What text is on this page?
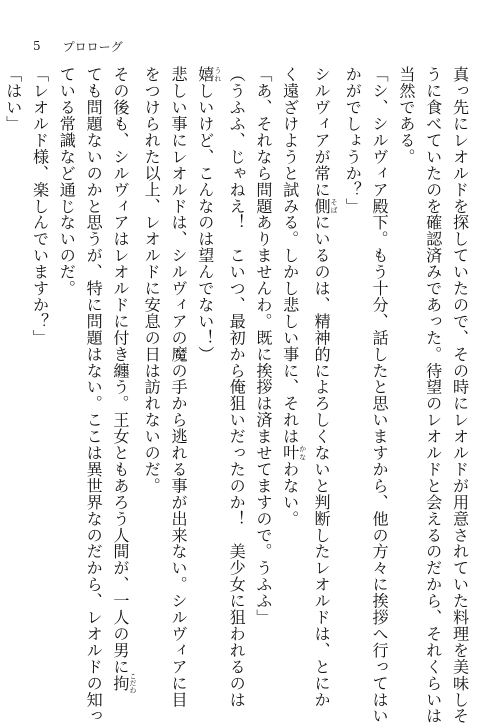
5 プロローグ
真っ先にレオルドを探していたので、その時にレオルドが用意されていた料理を美味しそ
うに食べていたのを確認済みであった。待望のレオルドと会えるのだから、それくらいは
当然である。
「シ、シルヴィア殿下。もう十分、話したと思いますから、他の方々に挨拶へ行ってはい
かがでしょうか？」
シルヴィアが常に側 そばにいるのは、精神的によろしくないと判断したレオルドは、とにか
く遠ざけようと試みる。しかし悲しい事に、それは叶 かなわない。
「あ、それなら問題ありませんわ。既に挨拶は済ませてますので。うふふ」
（うふふ、じゃねえ！　こいつ、最初から俺狙いだったのか！　美少女に狙われるのは
嬉 うれしいけど、こんなのは望んでない！）
悲しい事にレオルドは、シルヴィアの魔の手から逃れる事が出来ない。シルヴィアに目
をつけられた以上、レオルドに安息の日は訪れないのだ。
その後も、シルヴィアはレオルドに付き纏う。王女ともあろう人間が、一人の男に拘 こだわ
ても問題ないのかと思うが、特に問題はない。ここは異世界なのだから、レオルドの知っ
ている常識など通じないのだ。
「レオルド様、楽しんでいますか？」
「はい」
